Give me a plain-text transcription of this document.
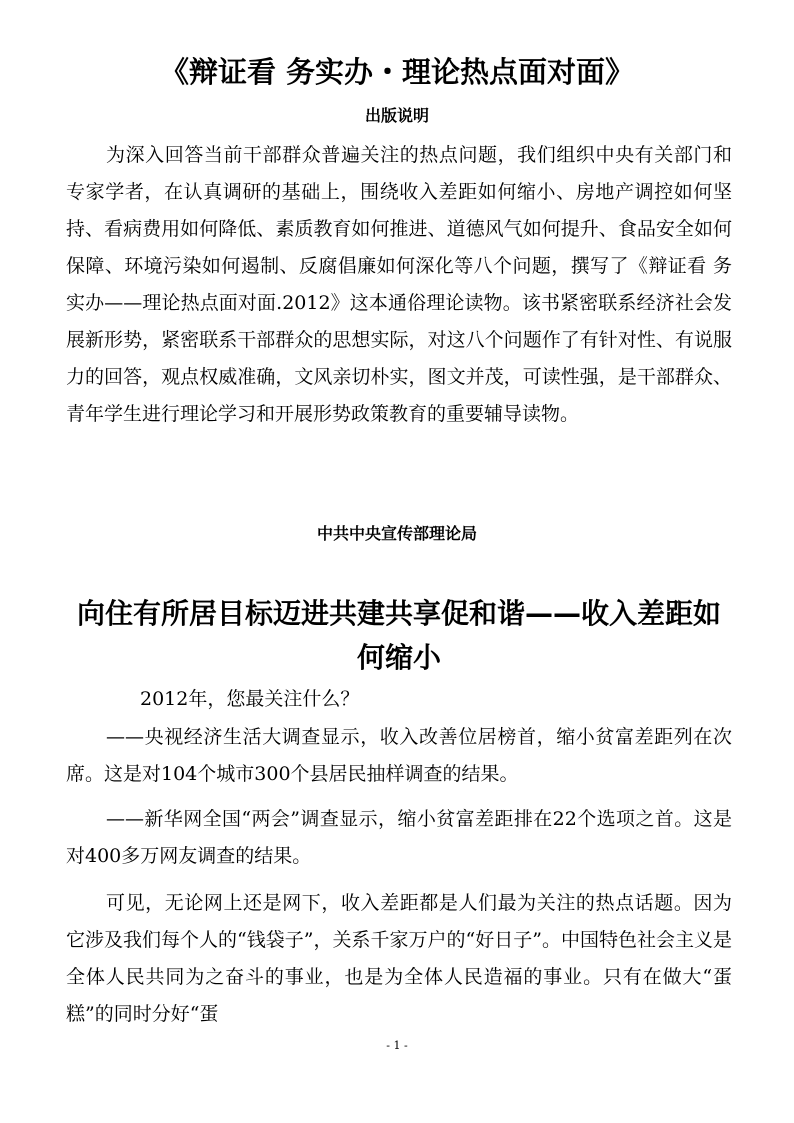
《辩证看 务实办・理论热点面对面》
出版说明
为深入回答当前干部群众普遍关注的热点问题，我们组织中央有关部门和专家学者，在认真调研的基础上，围绕收入差距如何缩小、房地产调控如何坚持、看病费用如何降低、素质教育如何推进、道德风气如何提升、食品安全如何保障、环境污染如何遏制、反腐倡廉如何深化等八个问题，撰写了《辩证看 务实办——理论热点面对面.2012》这本通俗理论读物。该书紧密联系经济社会发展新形势，紧密联系干部群众的思想实际，对这八个问题作了有针对性、有说服力的回答，观点权威准确，文风亲切朴实，图文并茂，可读性强，是干部群众、青年学生进行理论学习和开展形势政策教育的重要辅导读物。
中共中央宣传部理论局
向住有所居目标迈进共建共享促和谐——收入差距如何缩小
2012年，您最关注什么？
——央视经济生活大调查显示，收入改善位居榜首，缩小贫富差距列在次席。这是对104个城市300个县居民抽样调查的结果。
——新华网全国“两会”调查显示，缩小贫富差距排在22个选项之首。这是对400多万网友调查的结果。
可见，无论网上还是网下，收入差距都是人们最为关注的热点话题。因为它涉及我们每个人的“钱袋子”，关系千家万户的“好日子”。中国特色社会主义是全体人民共同为之奋斗的事业，也是为全体人民造福的事业。只有在做大“蛋糕”的同时分好“蛋
- 1 -
